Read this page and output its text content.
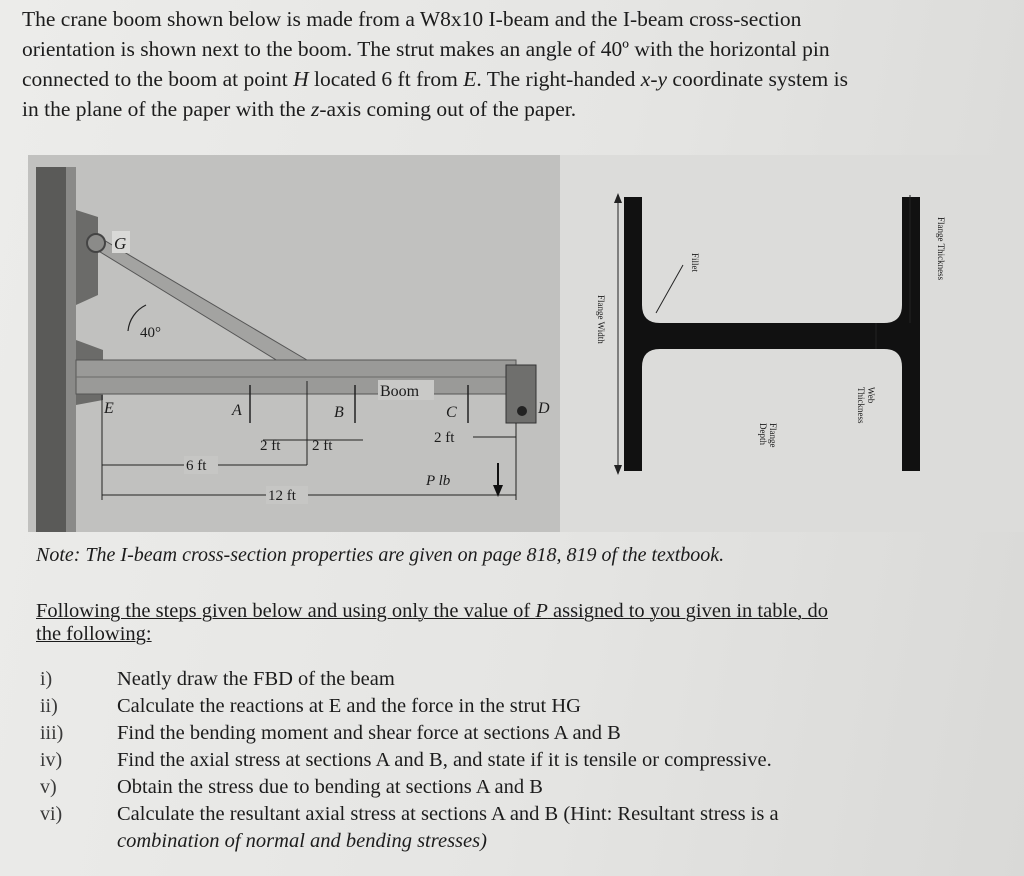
The crane boom shown below is made from a W8x10 I-beam and the I-beam cross-section
orientation is shown next to the boom. The strut makes an angle of 40º with the horizontal pin
connected to the boom at point H located 6 ft from E. The right-handed x-y coordinate system is
in the plane of the paper with the z-axis coming out of the paper.

G
40°
Boom
E	A	B	C	D
2 ft 2 ft	2 ft
6 ft
P lb
12 ft
Flange Width
Fillet	Flange Thickness
Web
Thickness
Flange
Depth

Note: The I-beam cross-section properties are given on page 818, 819 of the textbook.

Following the steps given below and using only the value of P assigned to you given in table, do
the following:

i)	Neatly draw the FBD of the beam
ii)	Calculate the reactions at E and the force in the strut HG
iii)	Find the bending moment and shear force at sections A and B
iv)	Find the axial stress at sections A and B, and state if it is tensile or compressive.
v)	Obtain the stress due to bending at sections A and B
vi)	Calculate the resultant axial stress at sections A and B (Hint: Resultant stress is a
combination of normal and bending stresses)
